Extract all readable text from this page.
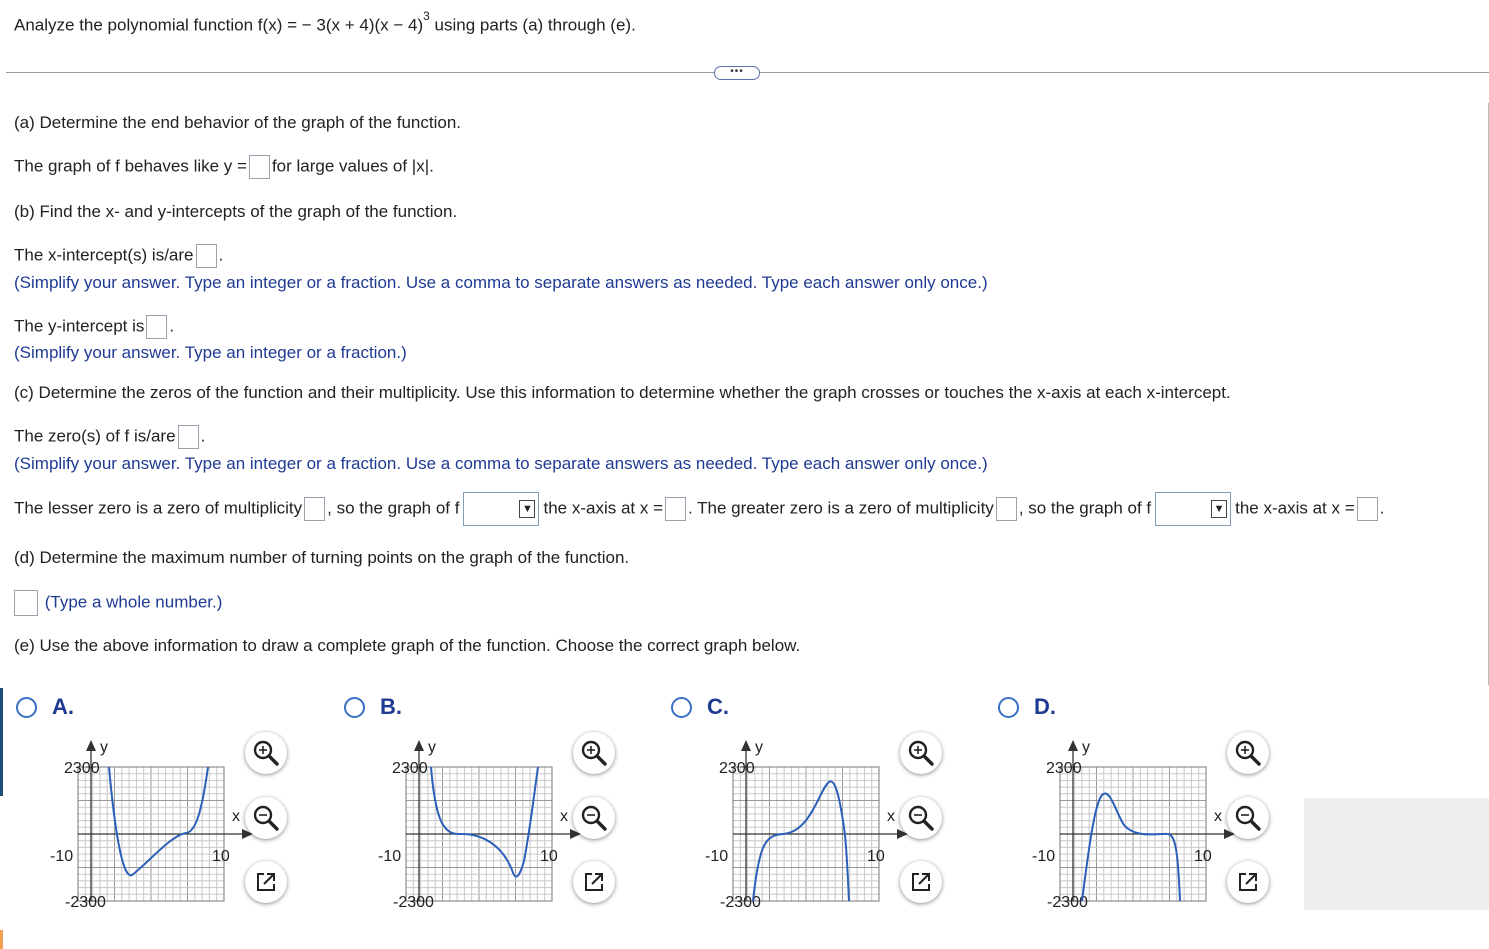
Analyze the polynomial function f(x) = − $3(x + 4)(x - 4)^3$ using parts (a) through (e).
•••
(a) Determine the end behavior of the graph of the function.
The graph of f behaves like y = for large values of |x|.
(b) Find the x- and y-intercepts of the graph of the function.
The x-intercept(s) is/are .
(Simplify your answer. Type an integer or a fraction. Use a comma to separate answers as needed. Type each answer only once.)
The y-intercept is .
(Simplify your answer. Type an integer or a fraction.)
(c) Determine the zeros of the function and their multiplicity. Use this information to determine whether the graph crosses or touches the x-axis at each x-intercept.
The zero(s) of f is/are .
(Simplify your answer. Type an integer or a fraction. Use a comma to separate answers as needed. Type each answer only once.)
The lesser zero is a zero of multiplicity , so the graph of f	▼ the x-axis at x = . The greater zero is a zero of multiplicity , so the graph of f	▼ the x-axis at x = .
(d) Determine the maximum number of turning points on the graph of the function.
(Type a whole number.)
(e) Use the above information to draw a complete graph of the function. Choose the correct graph below.
A.
y
x
2300
-2300
-10	10
B.
y
x
2300
-2300
-10	10
C.
y
x
2300
-2300
-10	10
D.
y
x
2300
-2300
-10	10
